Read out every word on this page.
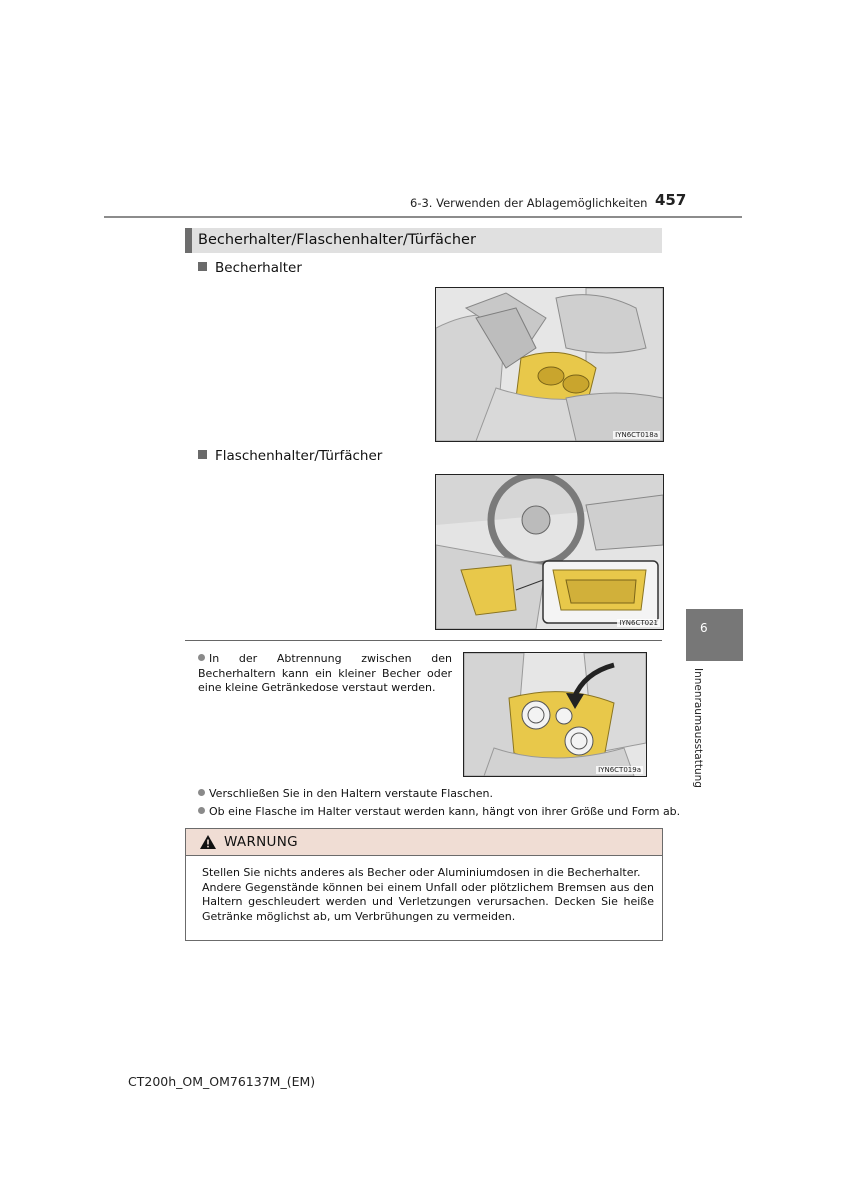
6-3. Verwenden der Ablagemöglichkeiten 457
Becherhalter/Flaschenhalter/Türfächer
Becherhalter
IYN6CT018a
Flaschenhalter/Türfächer
IYN6CT021
In der Abtrennung zwischen den Becherhaltern kann ein kleiner Becher oder eine kleine Getränkedose verstaut werden.
IYN6CT019a
Verschließen Sie in den Haltern verstaute Flaschen.
Ob eine Flasche im Halter verstaut werden kann, hängt von ihrer Größe und Form ab.
WARNUNG
Stellen Sie nichts anderes als Becher oder Aluminiumdosen in die Becherhalter.
Andere Gegenstände können bei einem Unfall oder plötzlichem Bremsen aus den Haltern geschleudert werden und Verletzungen verursachen. Decken Sie heiße Getränke möglichst ab, um Verbrühungen zu vermeiden.
6
Innenraumausstattung
CT200h_OM_OM76137M_(EM)
